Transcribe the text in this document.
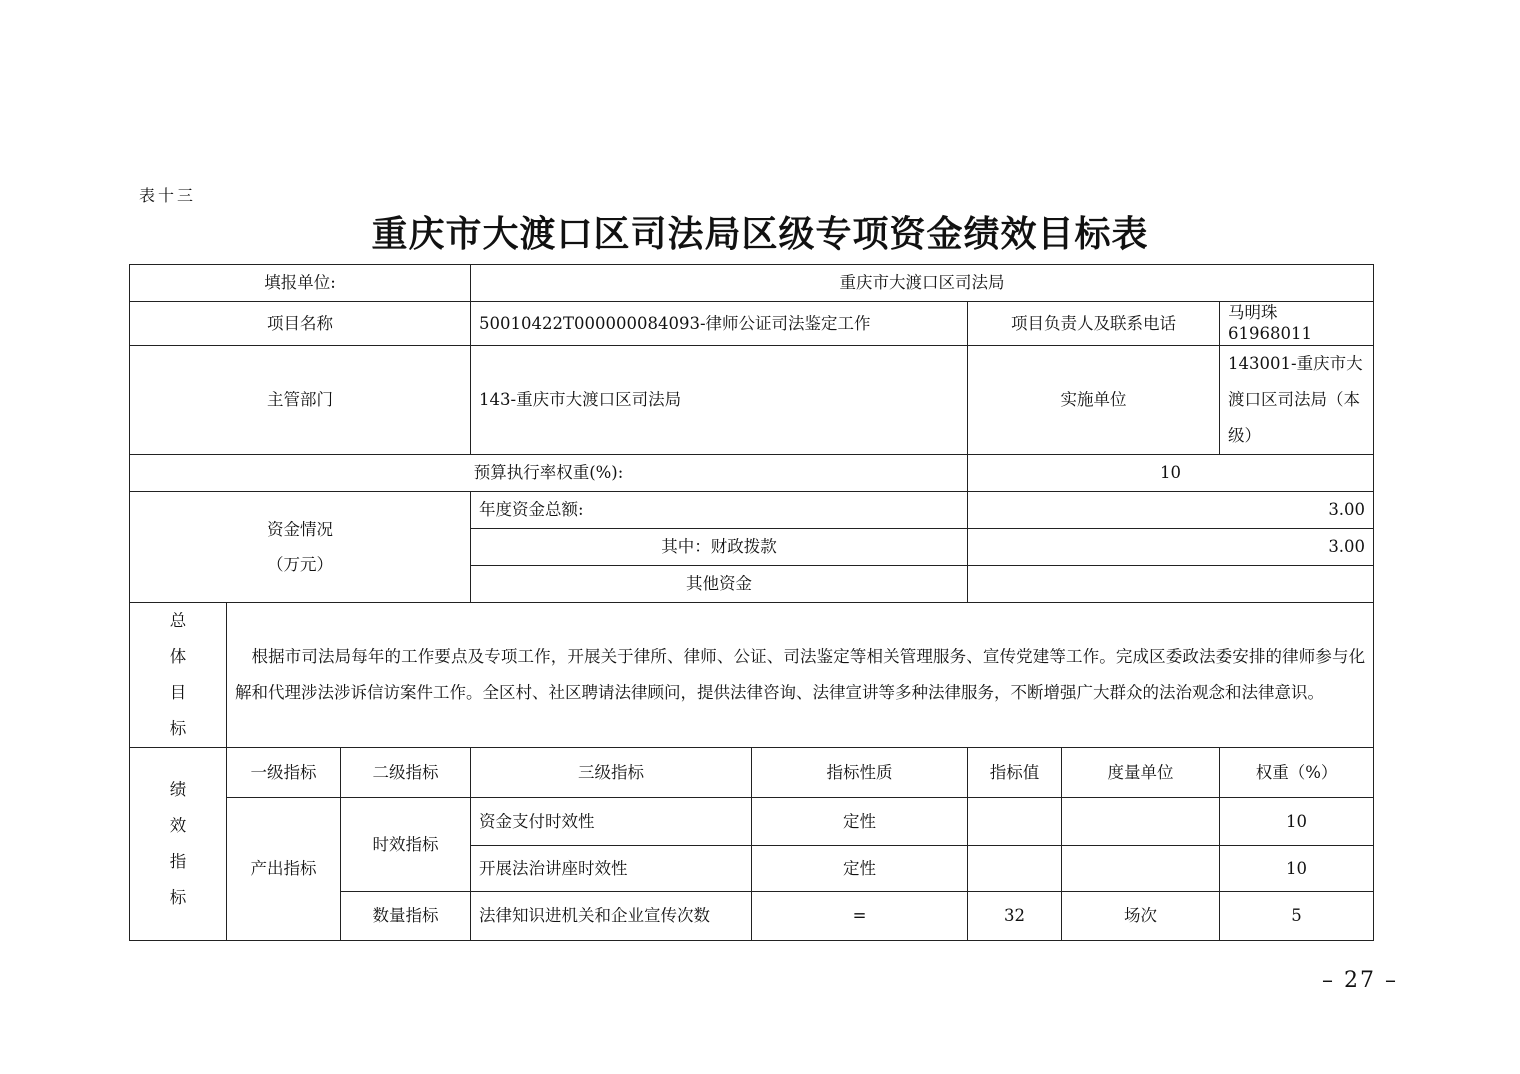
表十三
重庆市大渡口区司法局区级专项资金绩效目标表
填报单位:			重庆市大渡口区司法局				
项目名称			50010422T000000084093-律师公证司法鉴定工作		项目负责人及联系电话		马明珠 61968011
主管部门			143-重庆市大渡口区司法局		实施单位		143001-重庆市大渡口区司法局（本级）
预算执行率权重(%):					10		

资金情况
（万元）			年度资金总额:		3.00		
			其中：财政拨款		3.00		
			其他资金				

总
体
目
标	根据市司法局每年的工作要点及专项工作，开展关于律所、律师、公证、司法鉴定等相关管理服务、宣传党建等工作。完成区委政法委安排的律师参与化解和代理涉法涉诉信访案件工作。全区村、社区聘请法律顾问，提供法律咨询、法律宣讲等多种法律服务，不断增强广大群众的法治观念和法律意识。						

绩
效
指
标	一级指标	二级指标	三级指标	指标性质	指标值	度量单位	权重（%）
	产出指标	时效指标	资金支付时效性	定性			10
			开展法治讲座时效性	定性			10
		数量指标	法律知识进机关和企业宣传次数	=	32	场次	5
– 27 –
